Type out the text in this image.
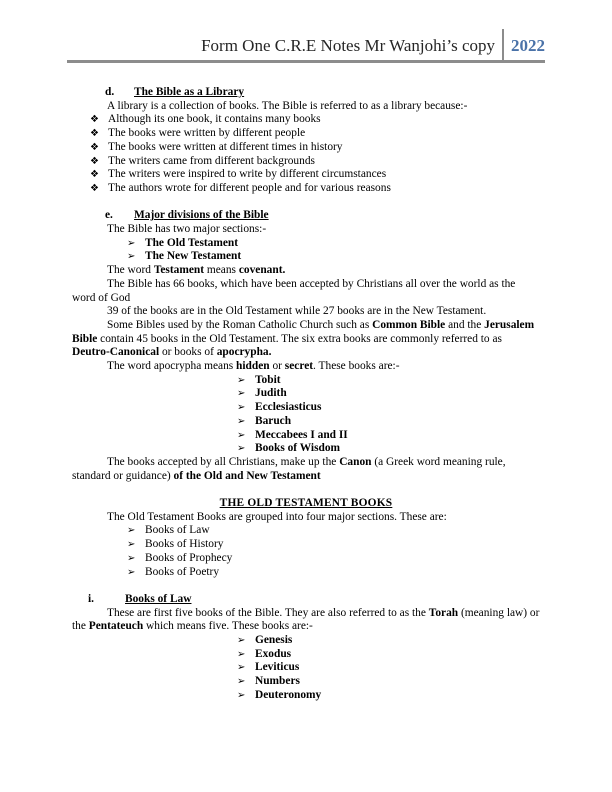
Form One C.R.E Notes Mr Wanjohi’s copy 2022

d. The Bible as a Library

A library is a collection of books. The Bible is referred to as a library because:-

❖ Although its one book, it contains many books
❖ The books were written by different people
❖ The books were written at different times in history
❖ The writers came from different backgrounds
❖ The writers were inspired to write by different circumstances
❖ The authors wrote for different people and for various reasons

e. Major divisions of the Bible

The Bible has two major sections:-

➢ The Old Testament
➢ The New Testament

The word Testament means covenant.

The Bible has 66 books, which have been accepted by Christians all over the world as the word of God

39 of the books are in the Old Testament while 27 books are in the New Testament.

Some Bibles used by the Roman Catholic Church such as Common Bible and the Jerusalem Bible contain 45 books in the Old Testament. The six extra books are commonly referred to as Deutro-Canonical or books of apocrypha.

The word apocrypha means hidden or secret. These books are:-

➢ Tobit
➢ Judith
➢ Ecclesiasticus
➢ Baruch
➢ Meccabees I and II
➢ Books of Wisdom

The books accepted by all Christians, make up the Canon (a Greek word meaning rule, standard or guidance) of the Old and New Testament

THE OLD TESTAMENT BOOKS

The Old Testament Books are grouped into four major sections. These are:

➢ Books of Law
➢ Books of History
➢ Books of Prophecy
➢ Books of Poetry

i.	Books of Law

These are first five books of the Bible. They are also referred to as the Torah (meaning law) or the Pentateuch which means five. These books are:-

➢ Genesis
➢ Exodus
➢ Leviticus
➢ Numbers
➢ Deuteronomy
